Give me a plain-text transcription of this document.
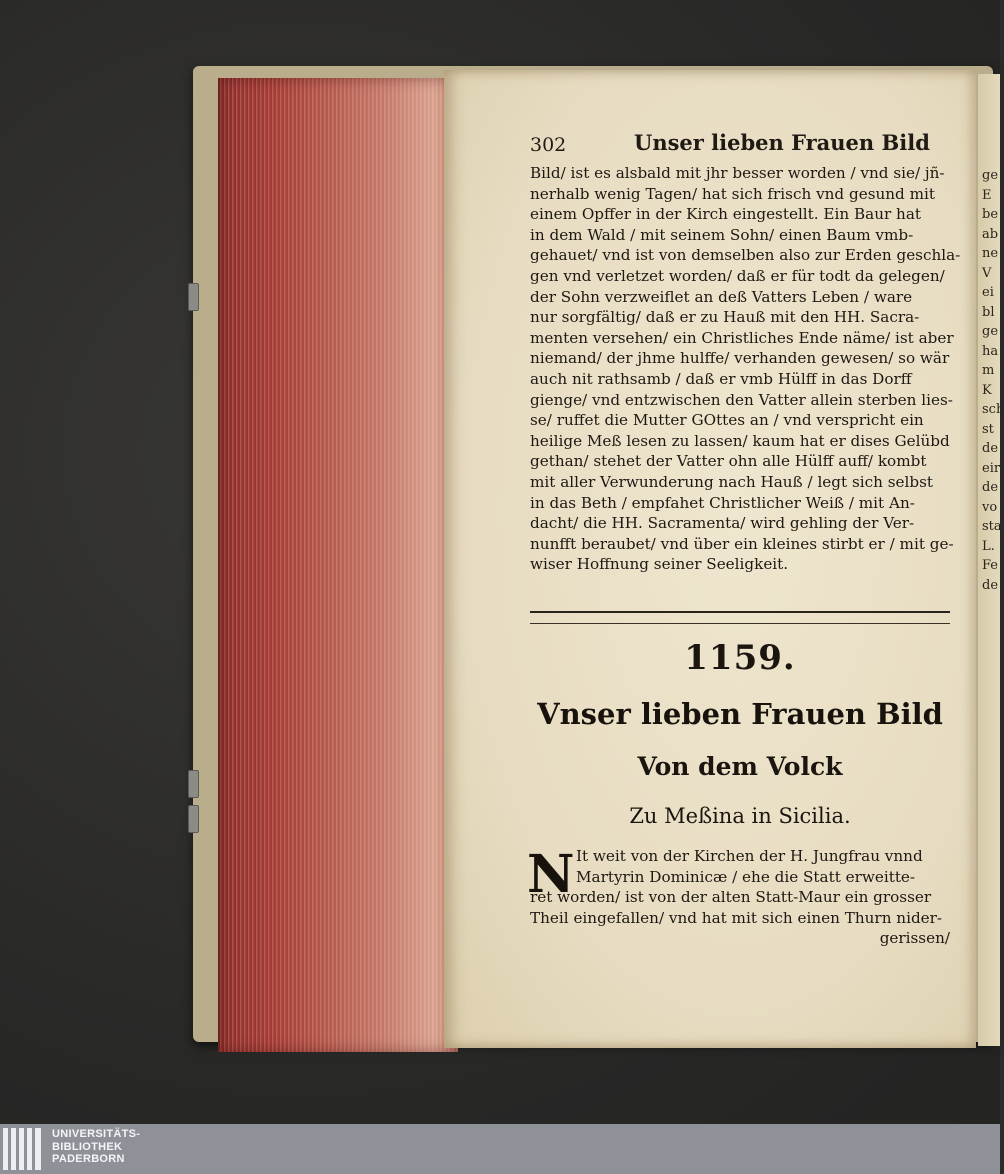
ge
E
be
ab
ne
V
ei
bl
ge
ha
m
K
sch
st
de
eir
de
vo
sta
L.
Fe
de
302	Unser lieben Frauen Bild
Bild/ ist es alsbald mit jhr besser worden / vnd sie/ jñ-
nerhalb wenig Tagen/ hat sich frisch vnd gesund mit
einem Opffer in der Kirch eingestellt. Ein Baur hat
in dem Wald / mit seinem Sohn/ einen Baum vmb-
gehauet/ vnd ist von demselben also zur Erden geschla-
gen vnd verletzet worden/ daß er für todt da gelegen/
der Sohn verzweiflet an deß Vatters Leben / ware
nur sorgfältig/ daß er zu Hauß mit den HH. Sacra-
menten versehen/ ein Christliches Ende näme/ ist aber
niemand/ der jhme hulffe/ verhanden gewesen/ so wär
auch nit rathsamb / daß er vmb Hülff in das Dorff
gienge/ vnd entzwischen den Vatter allein sterben lies-
se/ ruffet die Mutter GOttes an / vnd verspricht ein
heilige Meß lesen zu lassen/ kaum hat er dises Gelübd
gethan/ stehet der Vatter ohn alle Hülff auff/ kombt
mit aller Verwunderung nach Hauß / legt sich selbst
in das Beth / empfahet Christlicher Weiß / mit An-
dacht/ die HH. Sacramenta/ wird gehling der Ver-
nunfft beraubet/ vnd über ein kleines stirbt er / mit ge-
wiser Hoffnung seiner Seeligkeit.
1159.
Vnser lieben Frauen Bild
Von dem Volck
Zu Meßina in Sicilia.
N It weit von der Kirchen der H. Jungfrau vnnd
Martyrin Dominicæ / ehe die Statt erweitte-
ret worden/ ist von der alten Statt-Maur ein grosser
Theil eingefallen/ vnd hat mit sich einen Thurn nider-
gerissen/
UNIVERSITÄTS-
BIBLIOTHEK
PADERBORN
